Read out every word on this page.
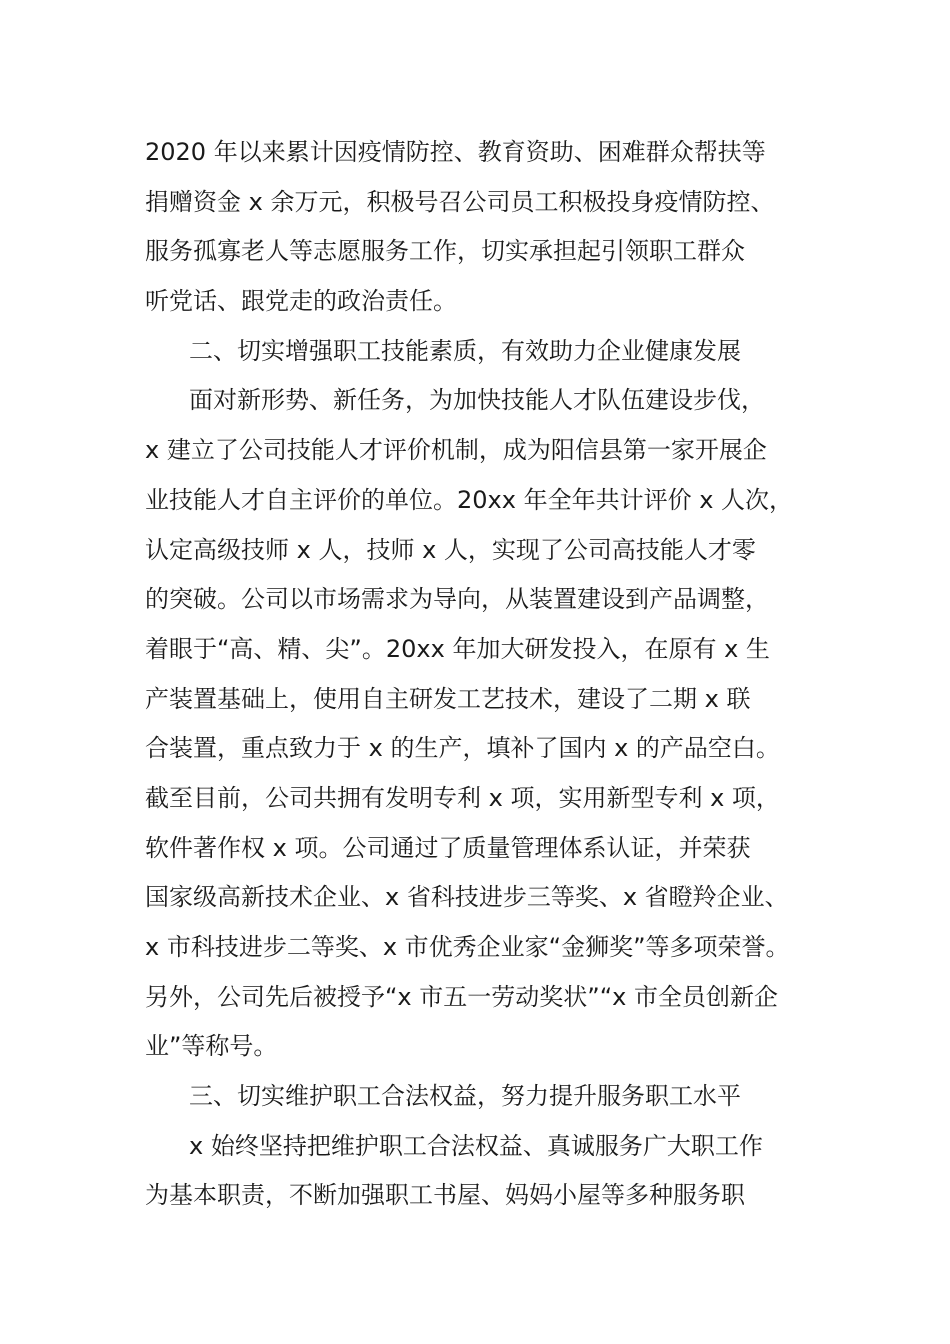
2020 年以来累计因疫情防控、教育资助、困难群众帮扶等
捐赠资金 x 余万元，积极号召公司员工积极投身疫情防控、
服务孤寡老人等志愿服务工作，切实承担起引领职工群众
听党话、跟党走的政治责任。
二、切实增强职工技能素质，有效助力企业健康发展
面对新形势、新任务，为加快技能人才队伍建设步伐，
x 建立了公司技能人才评价机制，成为阳信县第一家开展企
业技能人才自主评价的单位。20xx 年全年共计评价 x 人次，
认定高级技师 x 人，技师 x 人，实现了公司高技能人才零
的突破。公司以市场需求为导向，从装置建设到产品调整，
着眼于“高、精、尖”。20xx 年加大研发投入，在原有 x 生
产装置基础上，使用自主研发工艺技术，建设了二期 x 联
合装置，重点致力于 x 的生产，填补了国内 x 的产品空白。
截至目前，公司共拥有发明专利 x 项，实用新型专利 x 项，
软件著作权 x 项。公司通过了质量管理体系认证，并荣获
国家级高新技术企业、x 省科技进步三等奖、x 省瞪羚企业、
x 市科技进步二等奖、x 市优秀企业家“金狮奖”等多项荣誉。
另外，公司先后被授予“x 市五一劳动奖状”“x 市全员创新企
业”等称号。
三、切实维护职工合法权益，努力提升服务职工水平
x 始终坚持把维护职工合法权益、真诚服务广大职工作
为基本职责，不断加强职工书屋、妈妈小屋等多种服务职
